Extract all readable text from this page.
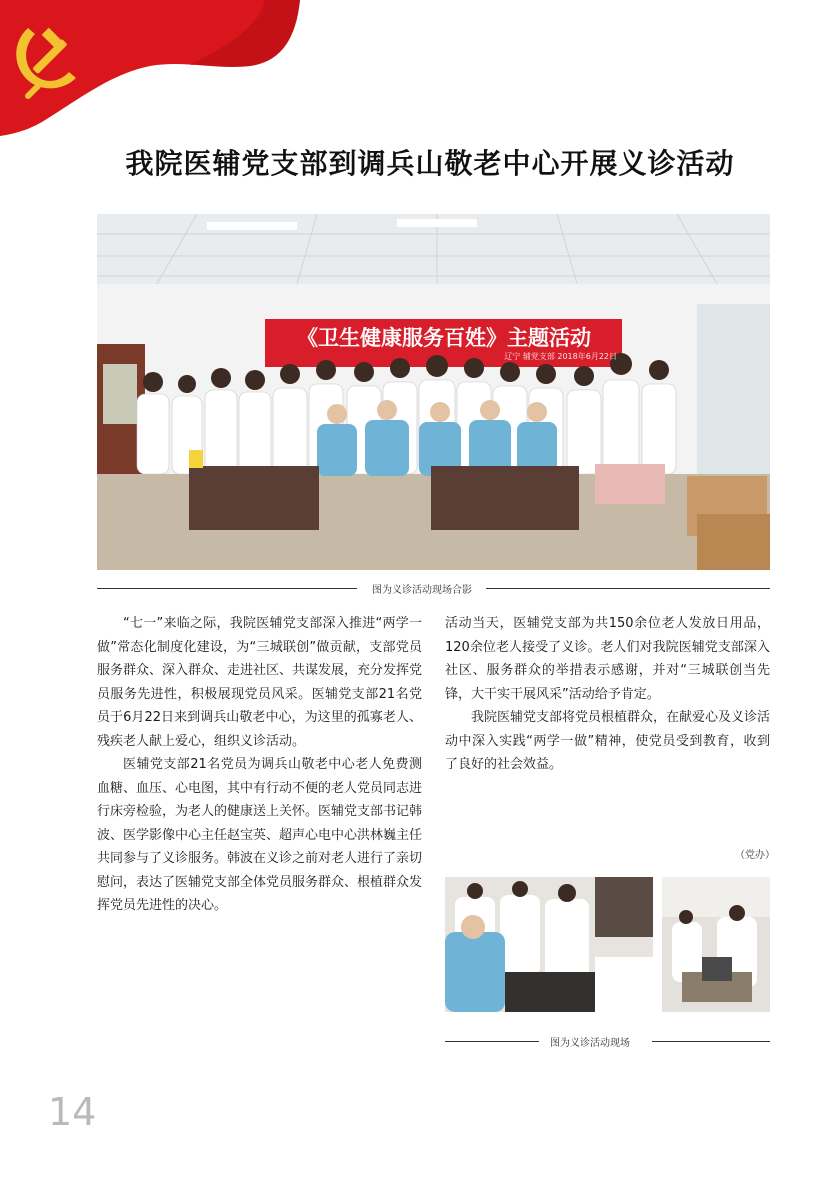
我院医辅党支部到调兵山敬老中心开展义诊活动
《卫生健康服务百姓》主题活动
辽宁 辅党支部 2018年6月22日
图为义诊活动现场合影

“七一”来临之际，我院医辅党支部深入推进“两学一做”常态化制度化建设，为“三城联创”做贡献，支部党员服务群众、深入群众、走进社区、共谋发展，充分发挥党员服务先进性，积极展现党员风采。医辅党支部21名党员于6月22日来到调兵山敬老中心，为这里的孤寡老人、残疾老人献上爱心，组织义诊活动。

医辅党支部21名党员为调兵山敬老中心老人免费测血糖、血压、心电图，其中有行动不便的老人党员同志进行床旁检验，为老人的健康送上关怀。医辅党支部书记韩波、医学影像中心主任赵宝英、超声心电中心洪林巍主任共同参与了义诊服务。韩波在义诊之前对老人进行了亲切慰问，表达了医辅党支部全体党员服务群众、根植群众发挥党员先进性的决心。

活动当天，医辅党支部为共150余位老人发放日用品，120余位老人接受了义诊。老人们对我院医辅党支部深入社区、服务群众的举措表示感谢，并对“三城联创当先锋，大干实干展风采”活动给予肯定。

我院医辅党支部将党员根植群众，在献爱心及义诊活动中深入实践“两学一做”精神，使党员受到教育，收到了良好的社会效益。

（党办）
图为义诊活动现场
14
